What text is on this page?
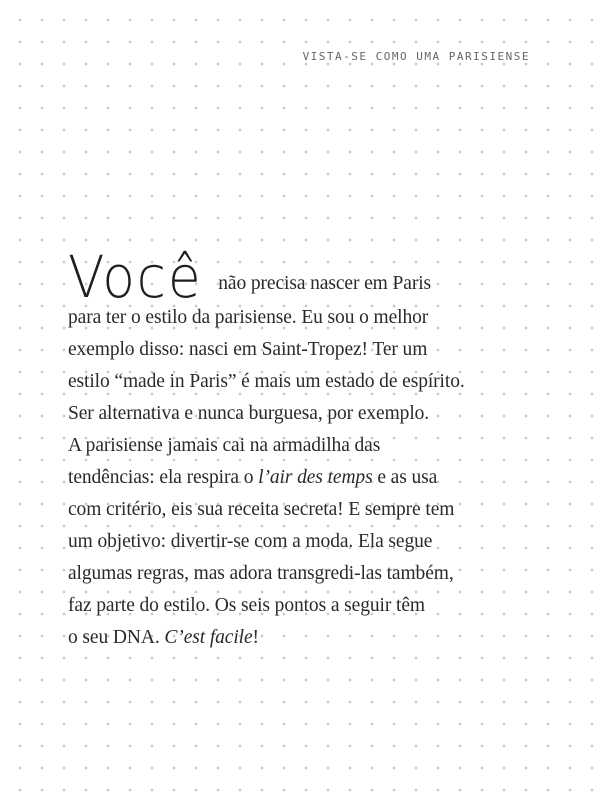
VISTA-SE COMO UMA PARISIENSE
Você não precisa nascer em Paris
para ter o estilo da parisiense. Eu sou o melhor
exemplo disso: nasci em Saint-Tropez! Ter um
estilo “made in Paris” é mais um estado de espírito.
Ser alternativa e nunca burguesa, por exemplo.
A parisiense jamais cai na armadilha das
tendências: ela respira o l’air des temps e as usa
com critério, eis sua receita secreta! E sempre tem
um objetivo: divertir-se com a moda. Ela segue
algumas regras, mas adora transgredi-las também,
faz parte do estilo. Os seis pontos a seguir têm
o seu DNA. C’est facile!
